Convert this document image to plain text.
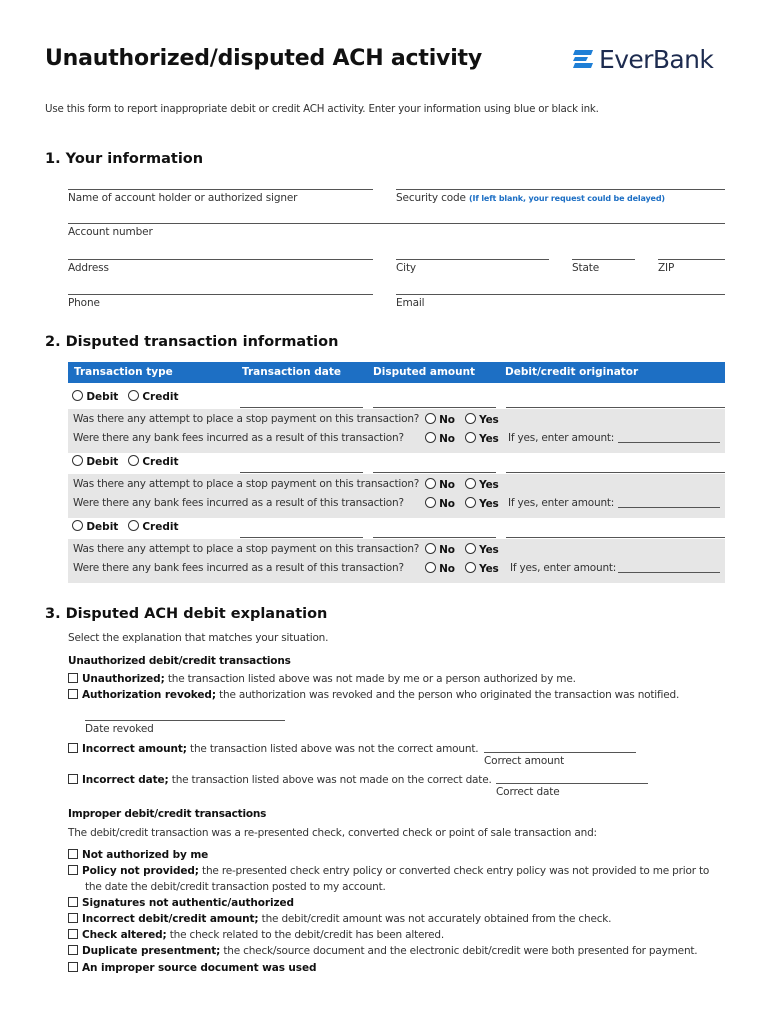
Unauthorized/disputed ACH activity	EverBank
Use this form to report inappropriate debit or credit ACH activity. Enter your information using blue or black ink.
1. Your information
Name of account holder or authorized signer	Security code (If left blank, your request could be delayed)
Account number
Address	City	State	ZIP
Phone	Email
2. Disputed transaction information
Transaction type	Transaction date	Disputed amount	Debit/credit originator
Debit	Credit
Was there any attempt to place a stop payment on this transaction?	No	Yes
Were there any bank fees incurred as a result of this transaction?	No	Yes If yes, enter amount:
Debit	Credit
Was there any attempt to place a stop payment on this transaction?	No	Yes
Were there any bank fees incurred as a result of this transaction?	No	Yes If yes, enter amount:
Debit	Credit
Was there any attempt to place a stop payment on this transaction?	No	Yes
Were there any bank fees incurred as a result of this transaction?	No	Yes If yes, enter amount:
3. Disputed ACH debit explanation
Select the explanation that matches your situation.
Unauthorized debit/credit transactions
Unauthorized; the transaction listed above was not made by me or a person authorized by me.
Authorization revoked; the authorization was revoked and the person who originated the transaction was notified.
Date revoked
Incorrect amount; the transaction listed above was not the correct amount.
Correct amount
Incorrect date; the transaction listed above was not made on the correct date.
Correct date
Improper debit/credit transactions
The debit/credit transaction was a re-presented check, converted check or point of sale transaction and:
Not authorized by me
Policy not provided; the re-presented check entry policy or converted check entry policy was not provided to me prior to
the date the debit/credit transaction posted to my account.
Signatures not authentic/authorized
Incorrect debit/credit amount; the debit/credit amount was not accurately obtained from the check.
Check altered; the check related to the debit/credit has been altered.
Duplicate presentment; the check/source document and the electronic debit/credit were both presented for payment.
An improper source document was used
